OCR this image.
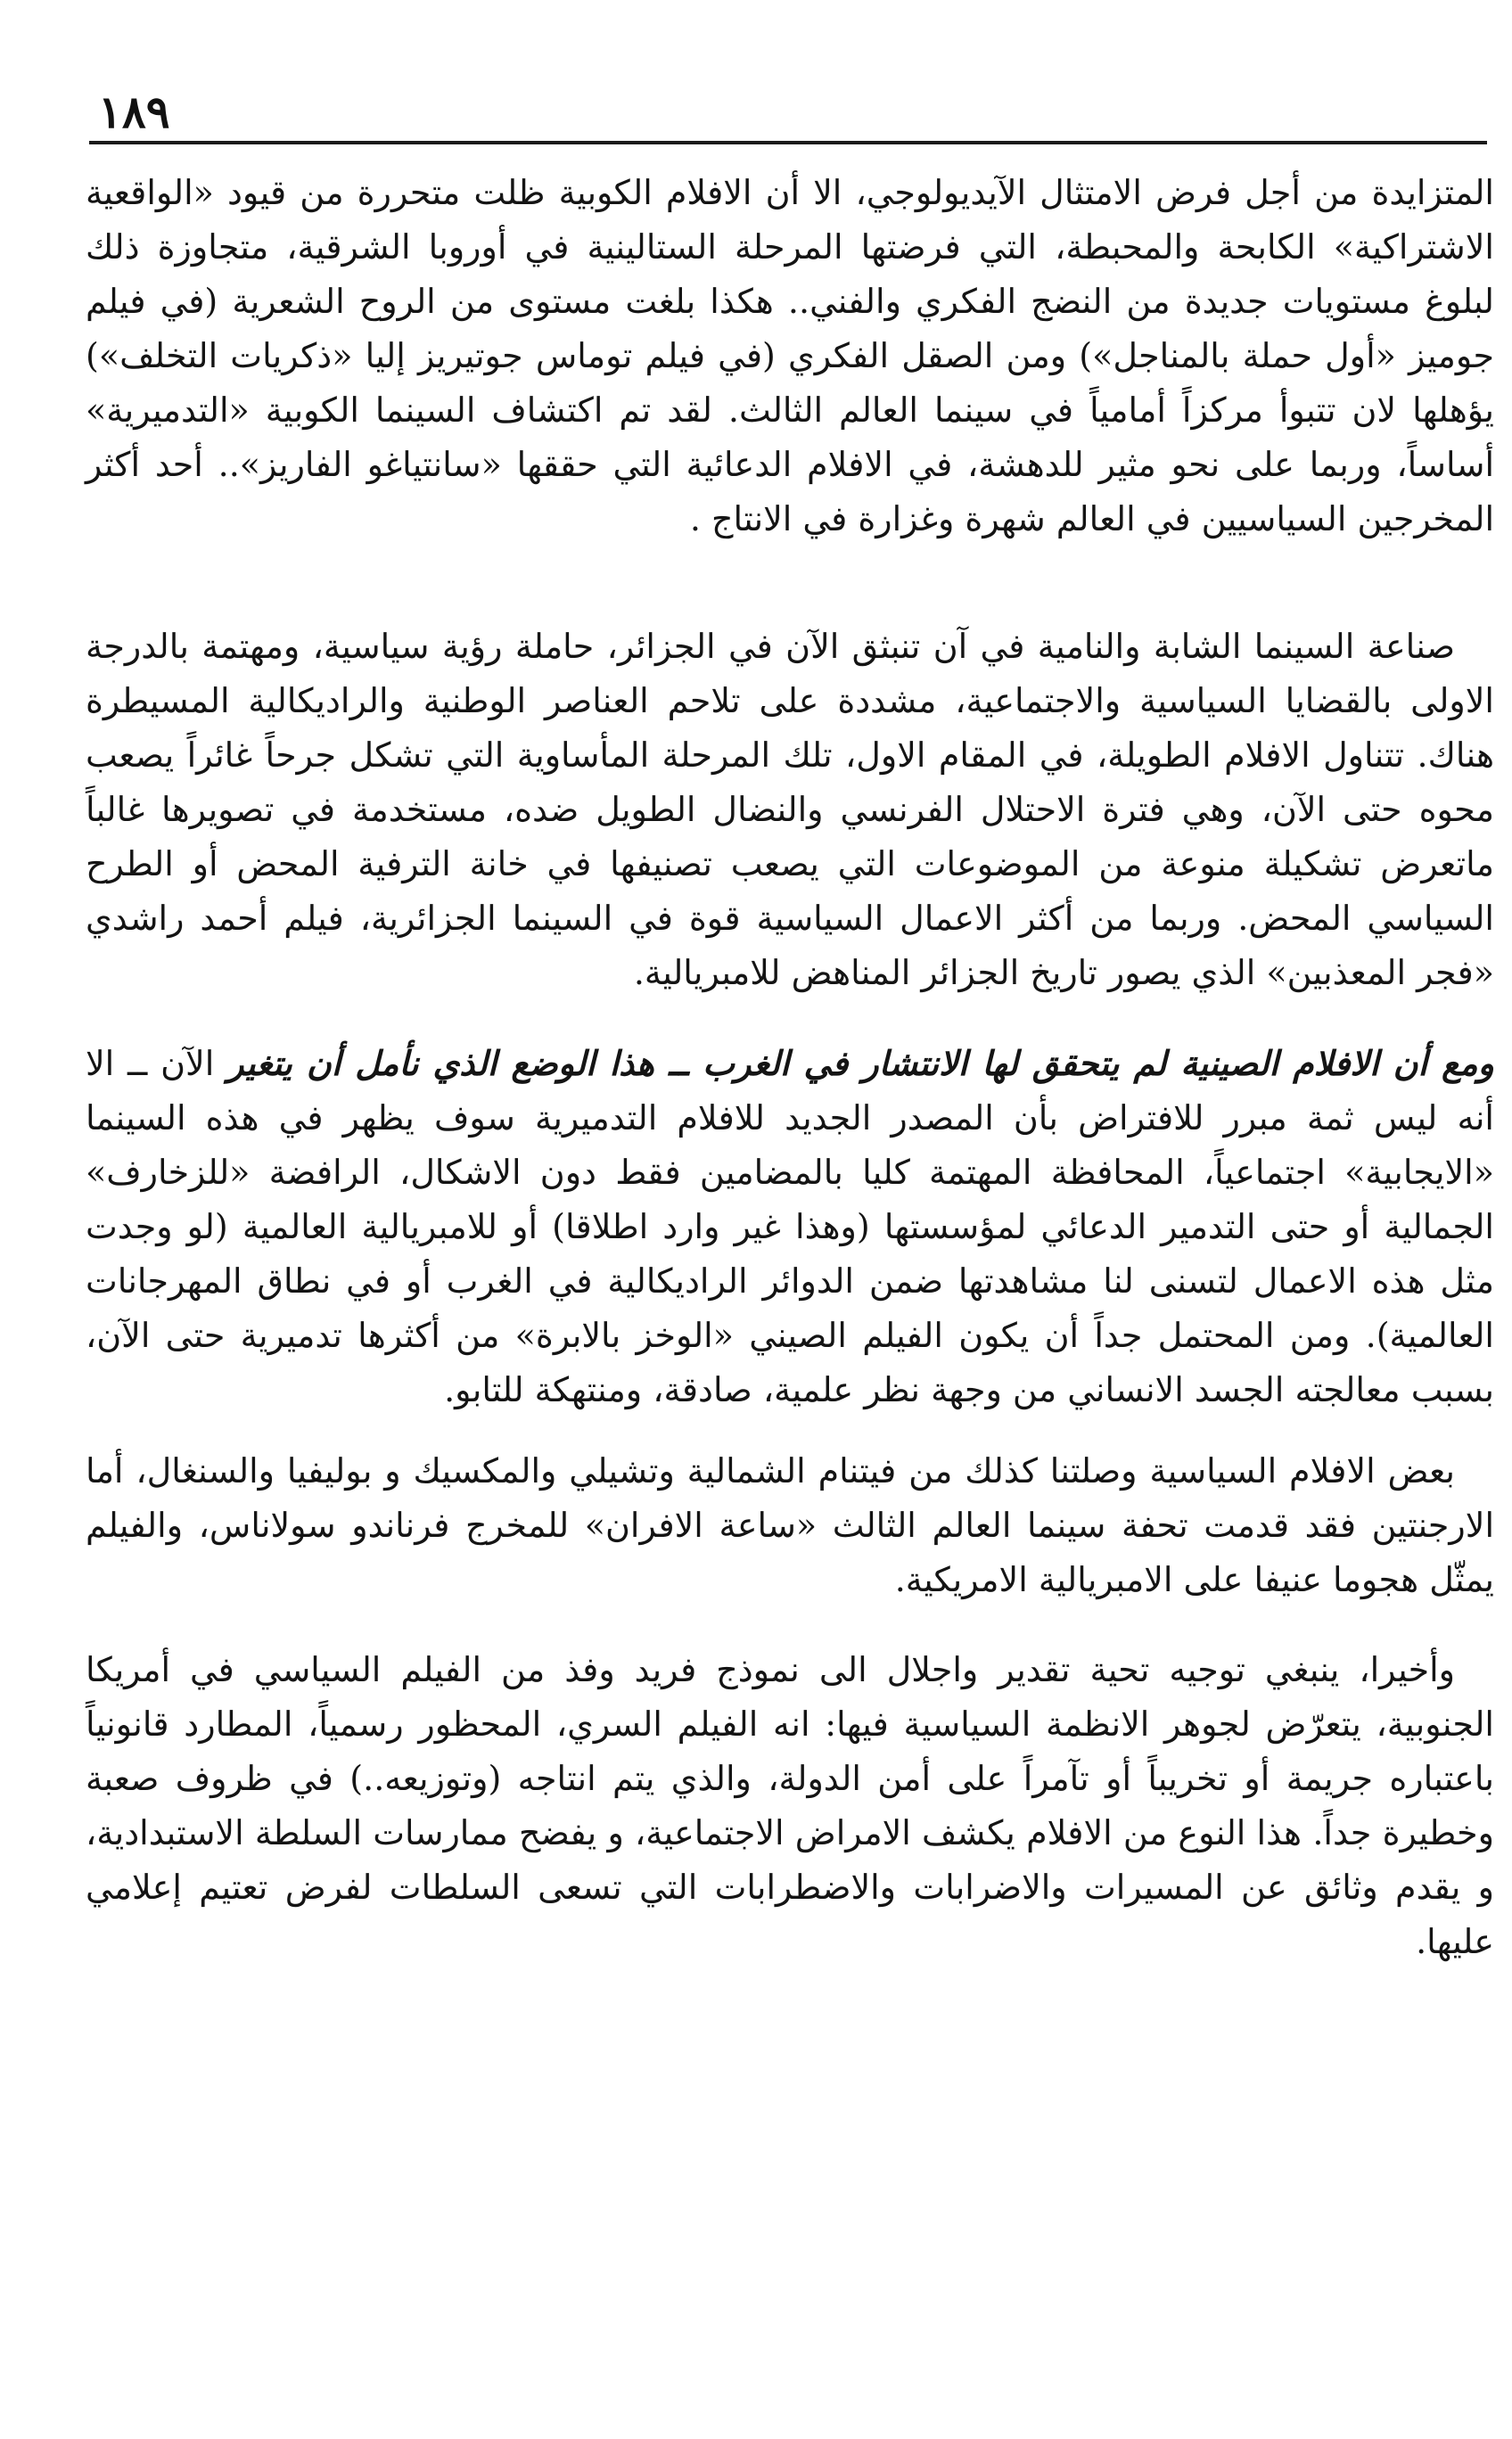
١٨٩

المتزايدة من أجل فرض الامتثال الآيديولوجي، الا أن الافلام الكوبية ظلت متحررة من قيود «الواقعية الاشتراكية» الكابحة والمحبطة، التي فرضتها المرحلة الستالينية في أوروبا الشرقية، متجاوزة ذلك لبلوغ مستويات جديدة من النضج الفكري والفني.. هكذا بلغت مستوى من الروح الشعرية (في فيلم جوميز «أول حملة بالمناجل») ومن الصقل الفكري (في فيلم توماس جوتيريز إليا «ذكريات التخلف») يؤهلها لان تتبوأ مركزاً أمامياً في سينما العالم الثالث. لقد تم اكتشاف السينما الكوبية «التدميرية» أساساً، وربما على نحو مثير للدهشة، في الافلام الدعائية التي حققها «سانتياغو الفاريز».. أحد أكثر المخرجين السياسيين في العالم شهرة وغزارة في الانتاج .

صناعة السينما الشابة والنامية في آن تنبثق الآن في الجزائر، حاملة رؤية سياسية، ومهتمة بالدرجة الاولى بالقضايا السياسية والاجتماعية، مشددة على تلاحم العناصر الوطنية والراديكالية المسيطرة هناك. تتناول الافلام الطويلة، في المقام الاول، تلك المرحلة المأساوية التي تشكل جرحاً غائراً يصعب محوه حتى الآن، وهي فترة الاحتلال الفرنسي والنضال الطويل ضده، مستخدمة في تصويرها غالباً ماتعرض تشكيلة منوعة من الموضوعات التي يصعب تصنيفها في خانة الترفية المحض أو الطرح السياسي المحض. وربما من أكثر الاعمال السياسية قوة في السينما الجزائرية، فيلم أحمد راشدي «فجر المعذبين» الذي يصور تاريخ الجزائر المناهض للامبريالية.

ومع أن الافلام الصينية لم يتحقق لها الانتشار في الغرب ــ هذا الوضع الذي نأمل أن يتغير الآن ــ الا أنه ليس ثمة مبرر للافتراض بأن المصدر الجديد للافلام التدميرية سوف يظهر في هذه السينما «الايجابية» اجتماعياً، المحافظة المهتمة كليا بالمضامين فقط دون الاشكال، الرافضة «للزخارف» الجمالية أو حتى التدمير الدعائي لمؤسستها (وهذا غير وارد اطلاقا) أو للامبريالية العالمية (لو وجدت مثل هذه الاعمال لتسنى لنا مشاهدتها ضمن الدوائر الراديكالية في الغرب أو في نطاق المهرجانات العالمية). ومن المحتمل جداً أن يكون الفيلم الصيني «الوخز بالابرة» من أكثرها تدميرية حتى الآن، بسبب معالجته الجسد الانساني من وجهة نظر علمية، صادقة، ومنتهكة للتابو.

بعض الافلام السياسية وصلتنا كذلك من فيتنام الشمالية وتشيلي والمكسيك و بوليفيا والسنغال، أما الارجنتين فقد قدمت تحفة سينما العالم الثالث «ساعة الافران» للمخرج فرناندو سولاناس، والفيلم يمثّل هجوما عنيفا على الامبريالية الامريكية.

وأخيرا، ينبغي توجيه تحية تقدير واجلال الى نموذج فريد وفذ من الفيلم السياسي في أمريكا الجنوبية، يتعرّض لجوهر الانظمة السياسية فيها: انه الفيلم السري، المحظور رسمياً، المطارد قانونياً باعتباره جريمة أو تخريباً أو تآمراً على أمن الدولة، والذي يتم انتاجه (وتوزيعه..) في ظروف صعبة وخطيرة جداً. هذا النوع من الافلام يكشف الامراض الاجتماعية، و يفضح ممارسات السلطة الاستبدادية، و يقدم وثائق عن المسيرات والاضرابات والاضطرابات التي تسعى السلطات لفرض تعتيم إعلامي عليها.
